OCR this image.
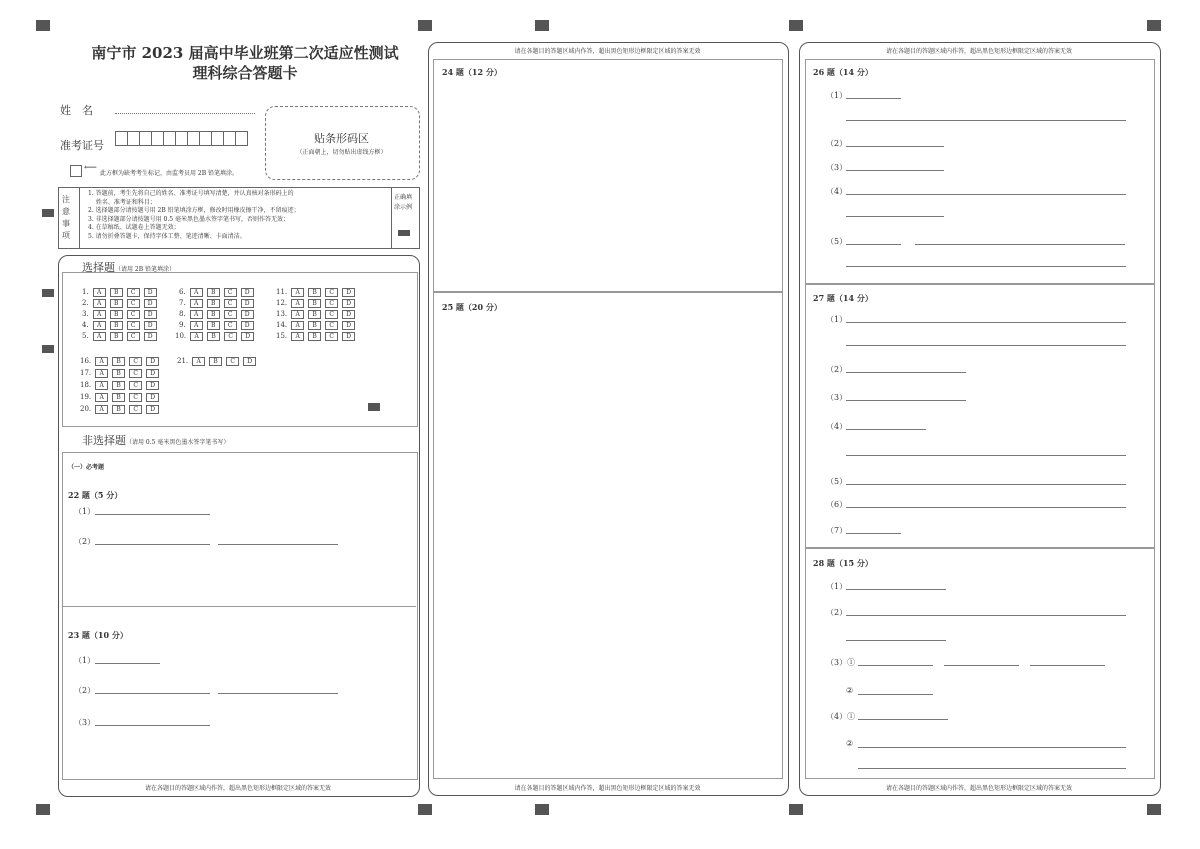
南宁市 2023 届高中毕业班第二次适应性测试
理科综合答题卡
姓　名
准考证号
⟵
此方框为缺考考生标记，由监考员用 2B 铅笔填涂。
贴条形码区
（正面朝上，切勿贴出虚线方框）
注意事项
1. 答题前，考生先将自己的姓名、准考证号填写清楚，并认真核对条形码上的
　 姓名、准考证和科目；
2. 选择题部分请按题号用 2B 铅笔填涂方框，修改时用橡皮擦干净，不留痕迹；
3. 非选择题部分请按题号用 0.5 毫米黑色墨水签字笔书写，否则作答无效；
4. 在草稿纸、试题卷上答题无效；
5. 请勿折叠答题卡，保持字体工整、笔迹清晰、卡面清洁。
正确填涂示例
选择题（请用 2B 铅笔填涂）
1. A B C D
2. A B C D
3. A B C D
4. A B C D
5. A B C D
6. A B C D
7. A B C D
8. A B C D
9. A B C D
10. A B C D
11. A B C D
12. A B C D
13. A B C D
14. A B C D
15. A B C D
16. A B C D
17. A B C D
18. A B C D
19. A B C D
20. A B C D
21. A B C D
非选择题（请用 0.5 毫米黑色墨水签字笔书写）
（一）必考题
22 题（5 分）
（1）
（2）
23 题（10 分）
（1）
（2）
（3）
请在各题目的答题区域内作答，超出黑色矩形边框限定区域的答案无效
请在各题目的答题区域内作答，超出黑色矩形边框限定区域的答案无效
24 题（12 分）
25 题（20 分）
请在各题目的答题区域内作答，超出黑色矩形边框限定区域的答案无效
请在各题目的答题区域内作答，超出黑色矩形边框限定区域的答案无效
26 题（14 分）
（1）
（2）
（3）
（4）
（5）
27 题（14 分）
（1）
（2）
（3）
（4）
（5）
（6）
（7）
28 题（15 分）
（1）
（2）
（3）①
②
（4）①
②
请在各题目的答题区域内作答，超出黑色矩形边框限定区域的答案无效
